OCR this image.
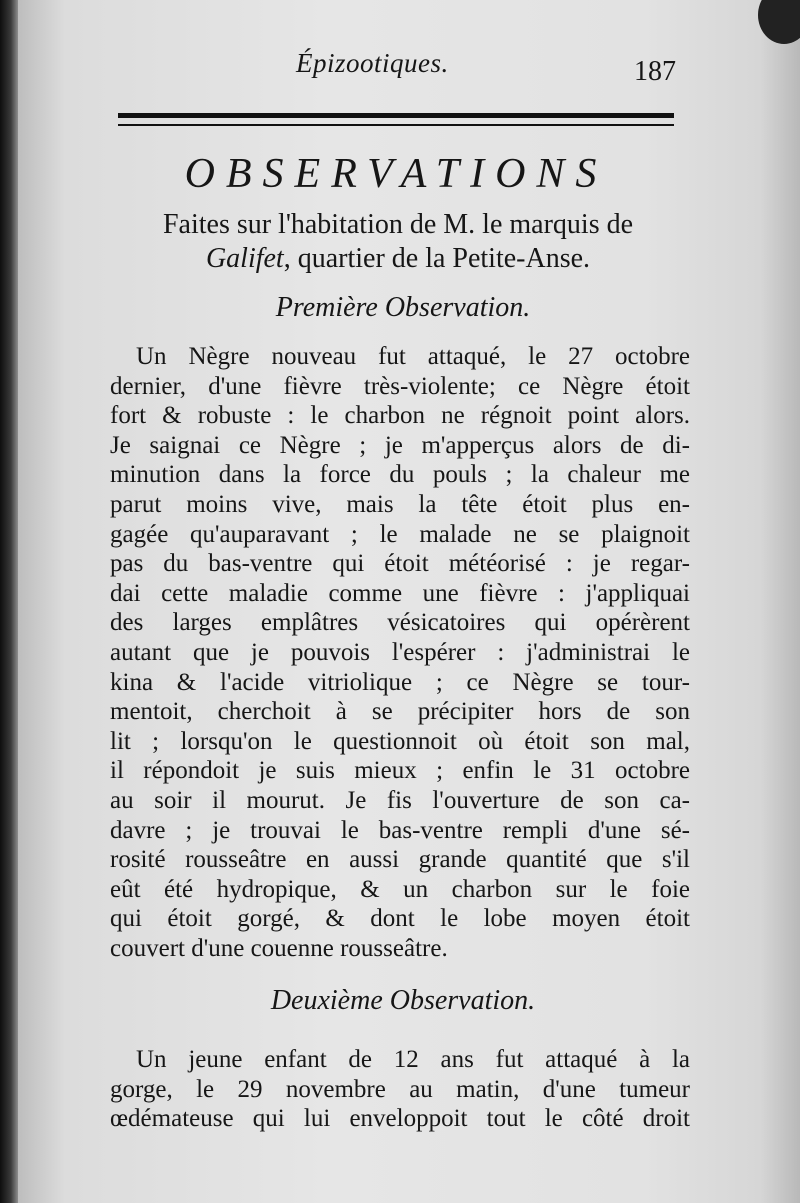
Épizootiques.	187
OBSERVATIONS
Faites sur l'habitation de M. le marquis de
Galifet, quartier de la Petite-Anse.
Première Observation.
Un Nègre nouveau fut attaqué, le 27 octobre
dernier, d'une fièvre très-violente; ce Nègre étoit
fort & robuste : le charbon ne régnoit point alors.
Je saignai ce Nègre ; je m'apperçus alors de di-
minution dans la force du pouls ; la chaleur me
parut moins vive, mais la tête étoit plus en-
gagée qu'auparavant ; le malade ne se plaignoit
pas du bas-ventre qui étoit météorisé : je regar-
dai cette maladie comme une fièvre : j'appliquai
des larges emplâtres vésicatoires qui opérèrent
autant que je pouvois l'espérer : j'administrai le
kina & l'acide vitriolique ; ce Nègre se tour-
mentoit, cherchoit à se précipiter hors de son
lit ; lorsqu'on le questionnoit où étoit son mal,
il répondoit je suis mieux ; enfin le 31 octobre
au soir il mourut. Je fis l'ouverture de son ca-
davre ; je trouvai le bas-ventre rempli d'une sé-
rosité rousseâtre en aussi grande quantité que s'il
eût été hydropique, & un charbon sur le foie
qui étoit gorgé, & dont le lobe moyen étoit
couvert d'une couenne rousseâtre.
Deuxième Observation.
Un jeune enfant de 12 ans fut attaqué à la
gorge, le 29 novembre au matin, d'une tumeur
œdémateuse qui lui enveloppoit tout le côté droit
